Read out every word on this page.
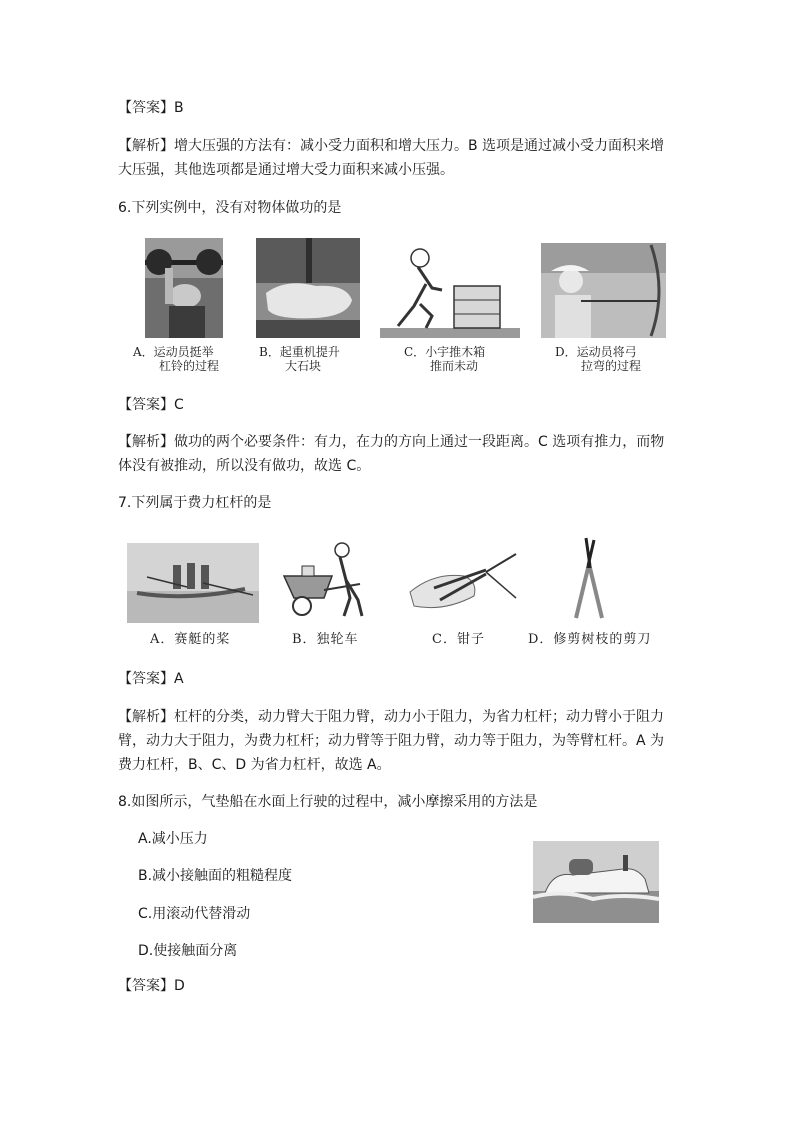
【答案】B

【解析】增大压强的方法有：减小受力面积和增大压力。B 选项是通过减小受力面积来增大压强，其他选项都是通过增大受力面积来减小压强。

6.下列实例中，没有对物体做功的是

A．运动员挺举
杠铃的过程
B．起重机提升
大石块
C．小宇推木箱
推而未动
D．运动员将弓
拉弯的过程

【答案】C

【解析】做功的两个必要条件：有力，在力的方向上通过一段距离。C 选项有推力，而物体没有被推动，所以没有做功，故选 C。

7.下列属于费力杠杆的是

A．赛艇的桨	B．独轮车	C．钳子	D．修剪树枝的剪刀

【答案】A

【解析】杠杆的分类，动力臂大于阻力臂，动力小于阻力，为省力杠杆；动力臂小于阻力臂，动力大于阻力，为费力杠杆；动力臂等于阻力臂，动力等于阻力，为等臂杠杆。A 为费力杠杆，B、C、D 为省力杠杆，故选 A。

8.如图所示，气垫船在水面上行驶的过程中，减小摩擦采用的方法是

A.减小压力
B.减小接触面的粗糙程度
C.用滚动代替滑动
D.使接触面分离

【答案】D
